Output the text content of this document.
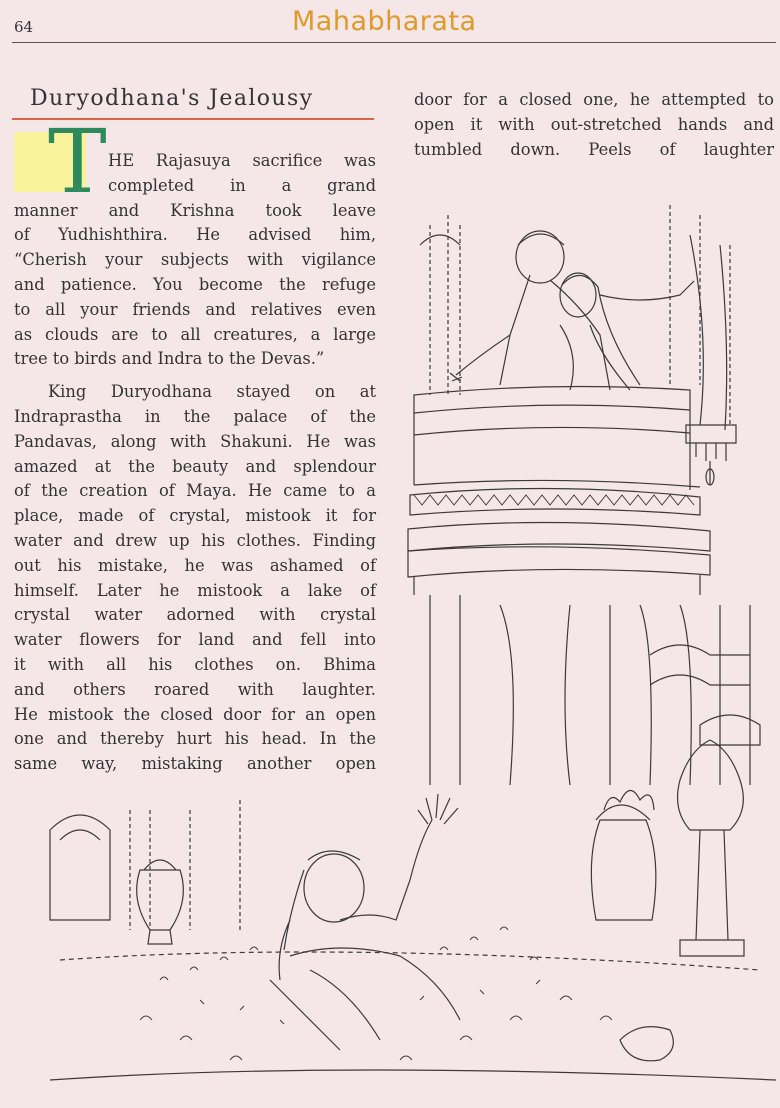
64	Mahabharata
Duryodhana's Jealousy
T HE Rajasuya sacrifice was
completed in a grand
manner and Krishna took leave
of Yudhishthira. He advised him,
“Cherish your subjects with vigilance
and patience. You become the refuge
to all your friends and relatives even
as clouds are to all creatures, a large
tree to birds and Indra to the Devas.”
King Duryodhana stayed on at
Indraprastha in the palace of the
Pandavas, along with Shakuni. He was
amazed at the beauty and splendour
of the creation of Maya. He came to a
place, made of crystal, mistook it for
water and drew up his clothes. Finding
out his mistake, he was ashamed of
himself. Later he mistook a lake of
crystal water adorned with crystal
water flowers for land and fell into
it with all his clothes on. Bhima
and others roared with laughter.
He mistook the closed door for an open
one and thereby hurt his head. In the
same way, mistaking another open
door for a closed one, he attempted to
open it with out-stretched hands and
tumbled down. Peels of laughter
